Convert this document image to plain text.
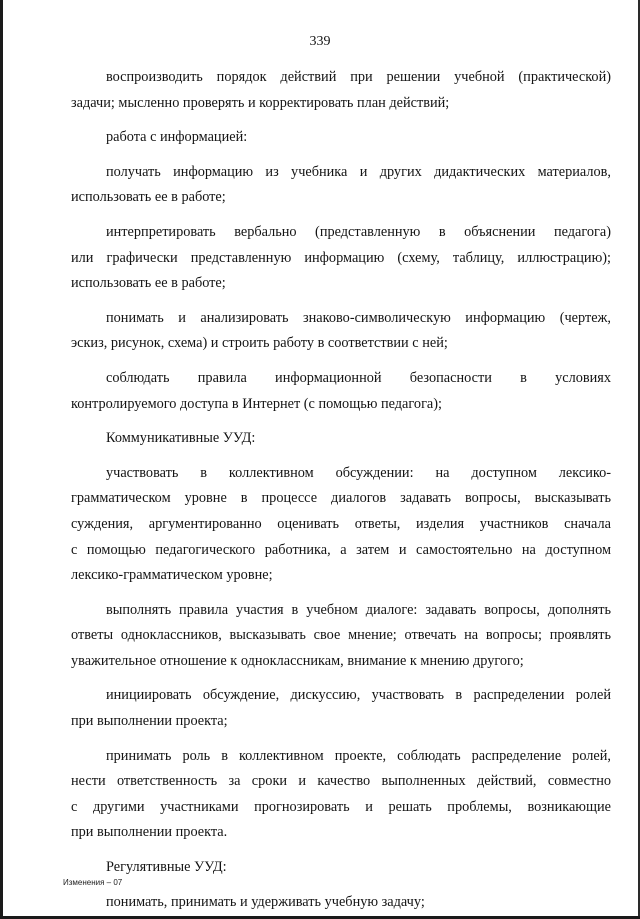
339
воспроизводить порядок действий при решении учебной (практической)
задачи; мысленно проверять и корректировать план действий;
работа с информацией:
получать информацию из учебника и других дидактических материалов,
использовать ее в работе;
интерпретировать вербально (представленную в объяснении педагога)
или графически представленную информацию (схему, таблицу, иллюстрацию);
использовать ее в работе;
понимать и анализировать знаково-символическую информацию (чертеж,
эскиз, рисунок, схема) и строить работу в соответствии с ней;
соблюдать правила информационной безопасности в условиях
контролируемого доступа в Интернет (с помощью педагога);
Коммуникативные УУД:
участвовать в коллективном обсуждении: на доступном лексико-
грамматическом уровне в процессе диалогов задавать вопросы, высказывать
суждения, аргументированно оценивать ответы, изделия участников сначала
с помощью педагогического работника, а затем и самостоятельно на доступном
лексико-грамматическом уровне;
выполнять правила участия в учебном диалоге: задавать вопросы, дополнять
ответы одноклассников, высказывать свое мнение; отвечать на вопросы; проявлять
уважительное отношение к одноклассникам, внимание к мнению другого;
инициировать обсуждение, дискуссию, участвовать в распределении ролей
при выполнении проекта;
принимать роль в коллективном проекте, соблюдать распределение ролей,
нести ответственность за сроки и качество выполненных действий, совместно
с другими участниками прогнозировать и решать проблемы, возникающие
при выполнении проекта.
Регулятивные УУД:
понимать, принимать и удерживать учебную задачу;
Изменения – 07
